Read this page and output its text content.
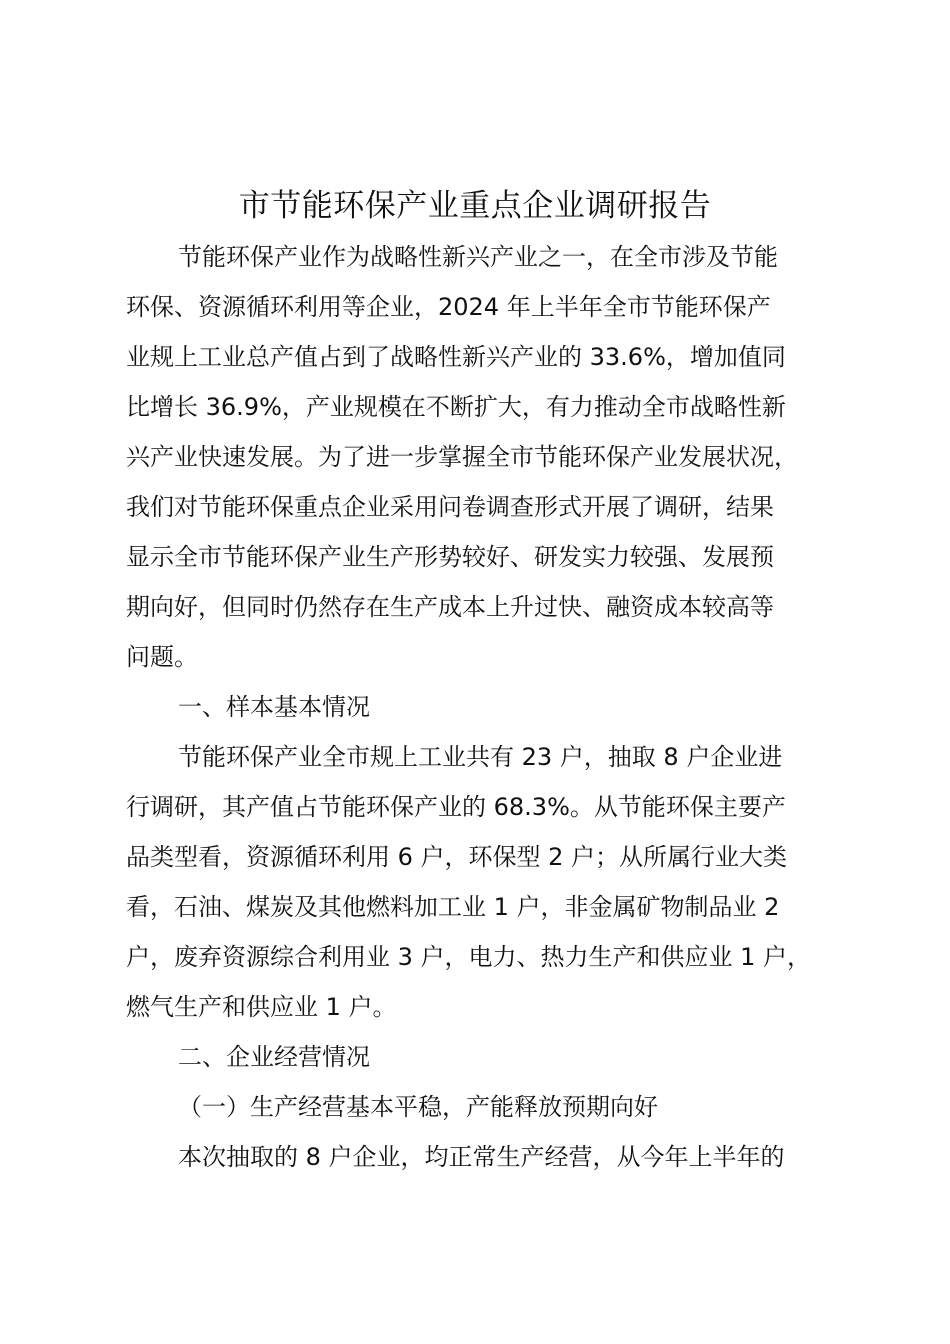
市节能环保产业重点企业调研报告
节能环保产业作为战略性新兴产业之一，在全市涉及节能
环保、资源循环利用等企业，2024 年上半年全市节能环保产
业规上工业总产值占到了战略性新兴产业的 33.6%，增加值同
比增长 36.9%，产业规模在不断扩大，有力推动全市战略性新
兴产业快速发展。为了进一步掌握全市节能环保产业发展状况，
我们对节能环保重点企业采用问卷调查形式开展了调研，结果
显示全市节能环保产业生产形势较好、研发实力较强、发展预
期向好，但同时仍然存在生产成本上升过快、融资成本较高等
问题。
一、样本基本情况
节能环保产业全市规上工业共有 23 户，抽取 8 户企业进
行调研，其产值占节能环保产业的 68.3%。从节能环保主要产
品类型看，资源循环利用 6 户，环保型 2 户；从所属行业大类
看，石油、煤炭及其他燃料加工业 1 户，非金属矿物制品业 2
户，废弃资源综合利用业 3 户，电力、热力生产和供应业 1 户，
燃气生产和供应业 1 户。
二、企业经营情况
（一）生产经营基本平稳，产能释放预期向好
本次抽取的 8 户企业，均正常生产经营，从今年上半年的
